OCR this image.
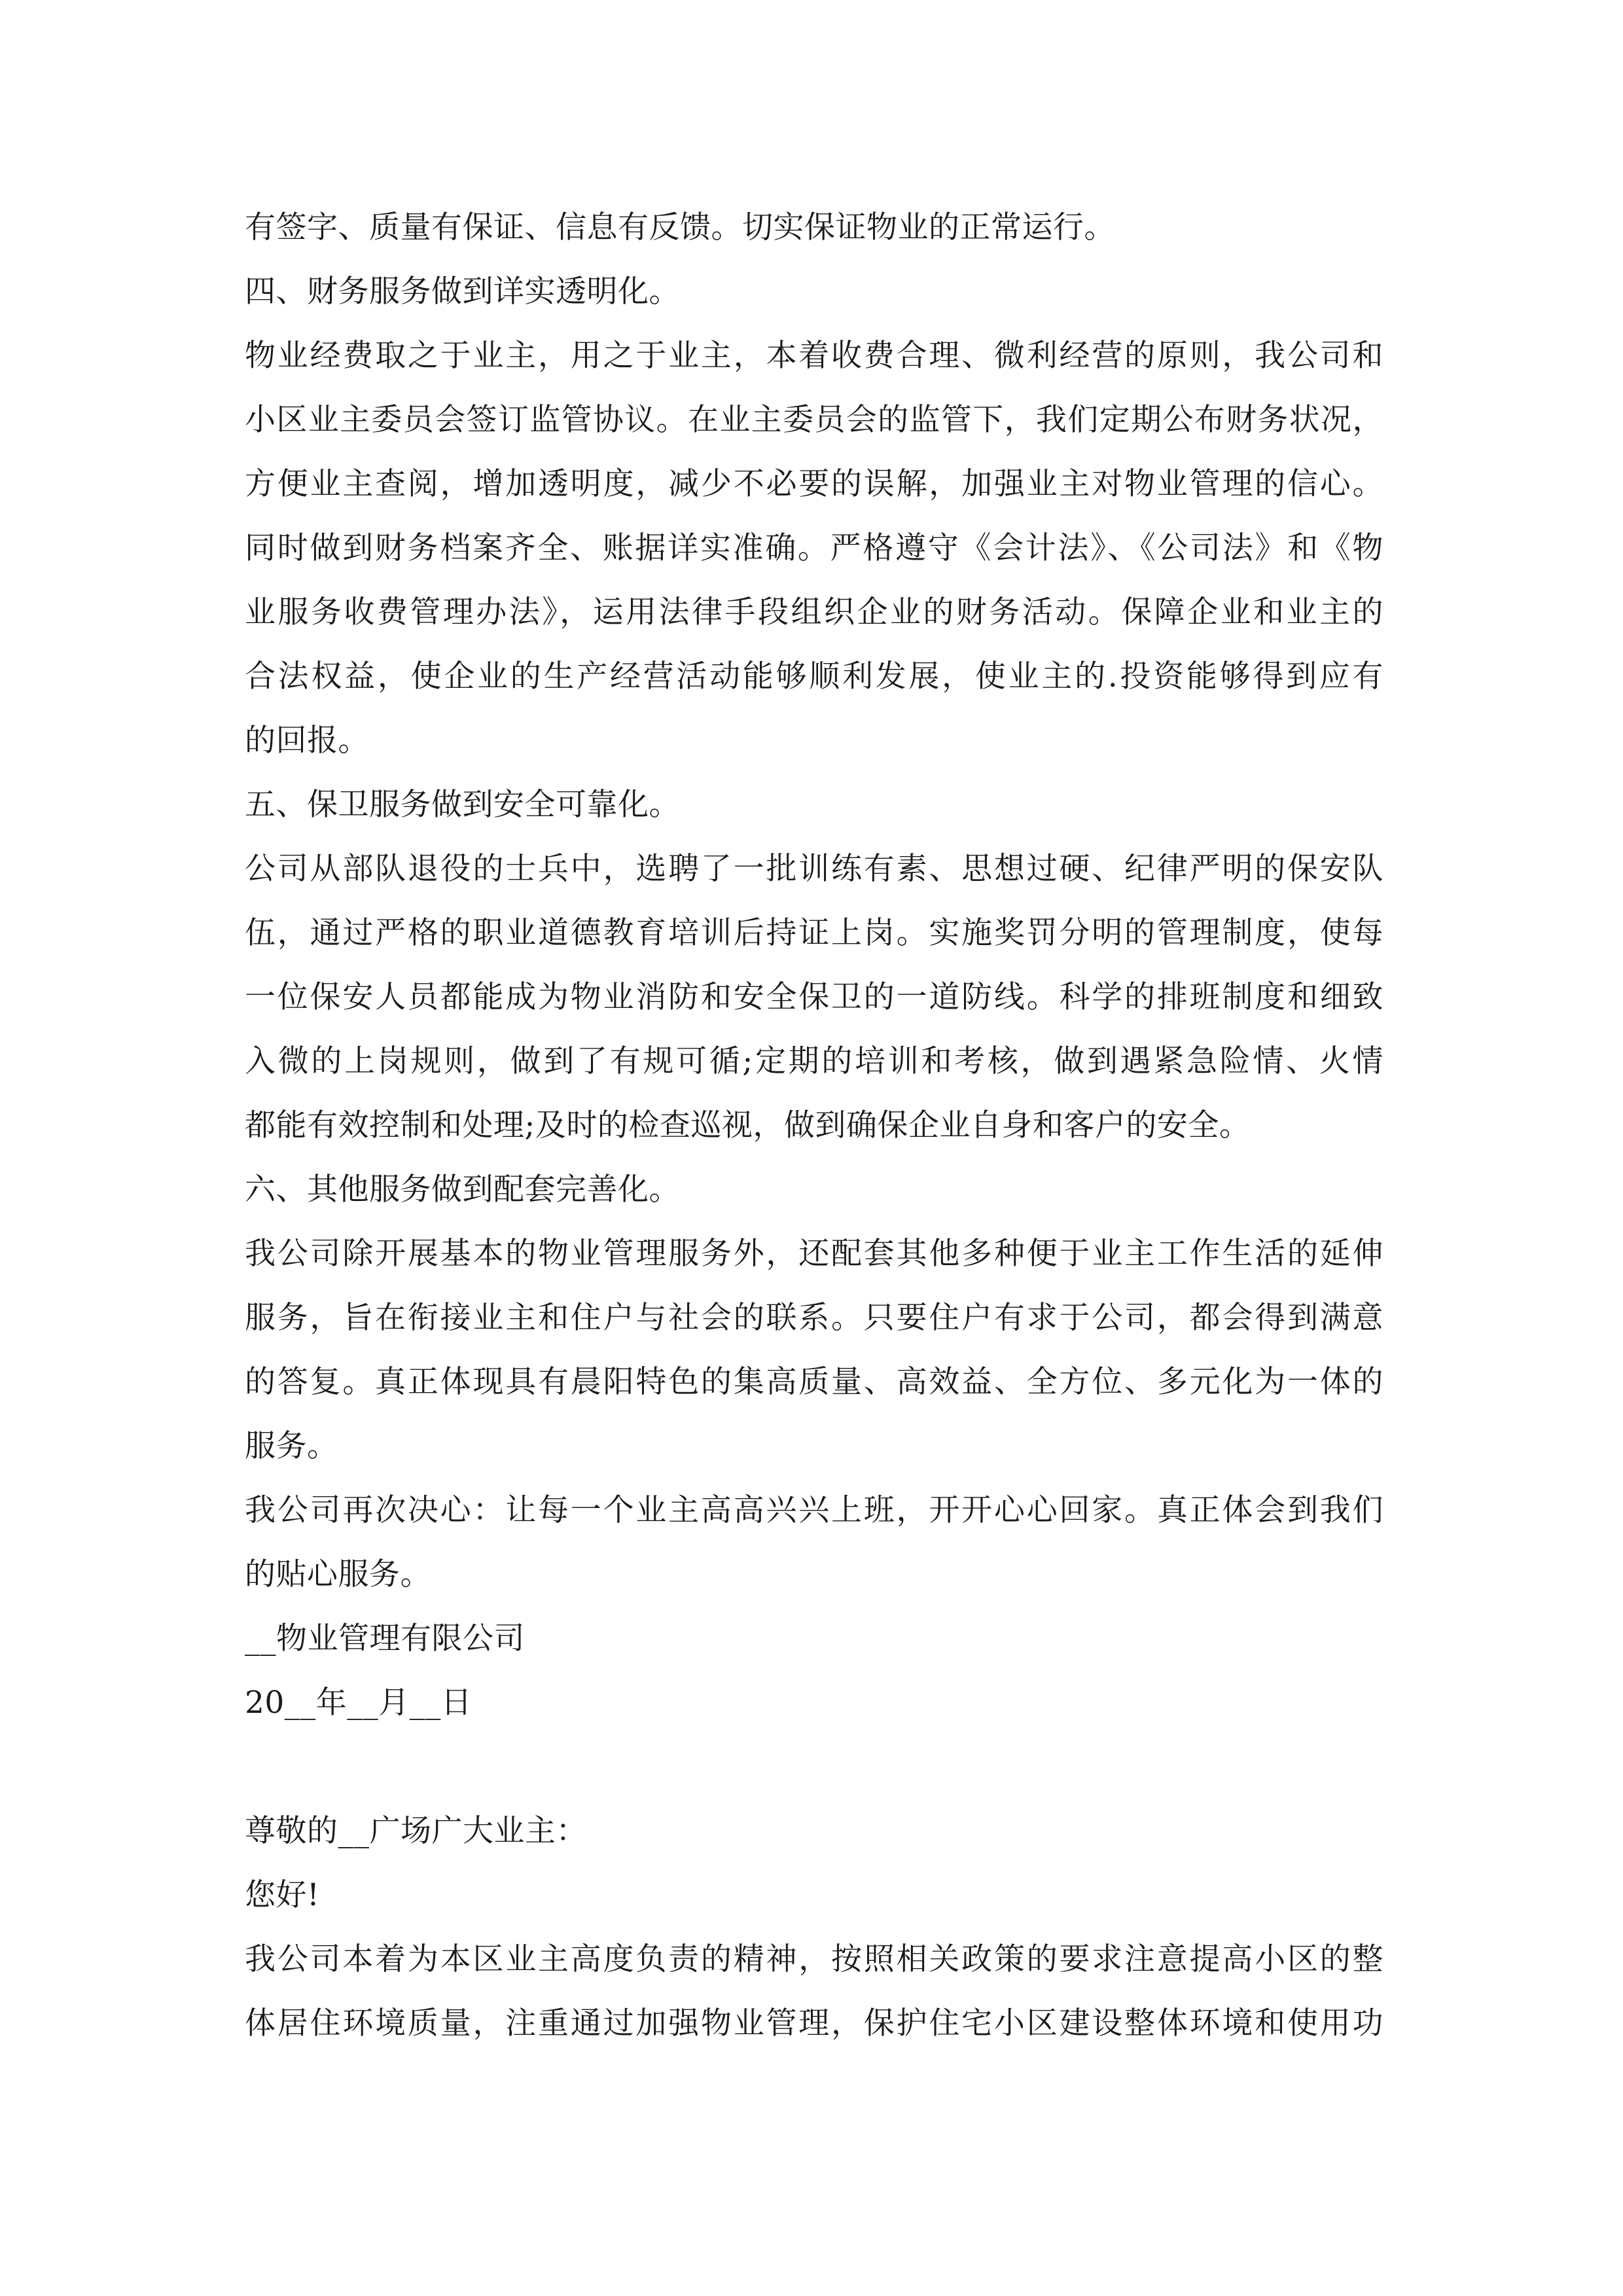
有签字、质量有保证、信息有反馈。切实保证物业的正常运行。
四、财务服务做到详实透明化。
物业经费取之于业主，用之于业主，本着收费合理、微利经营的原则，我公司和
小区业主委员会签订监管协议。在业主委员会的监管下，我们定期公布财务状况，
方便业主查阅，增加透明度，减少不必要的误解，加强业主对物业管理的信心。
同时做到财务档案齐全、账据详实准确。严格遵守《会计法》、《公司法》和《物
业服务收费管理办法》，运用法律手段组织企业的财务活动。保障企业和业主的
合法权益，使企业的生产经营活动能够顺利发展，使业主的.投资能够得到应有
的回报。
五、保卫服务做到安全可靠化。
公司从部队退役的士兵中，选聘了一批训练有素、思想过硬、纪律严明的保安队
伍，通过严格的职业道德教育培训后持证上岗。实施奖罚分明的管理制度，使每
一位保安人员都能成为物业消防和安全保卫的一道防线。科学的排班制度和细致
入微的上岗规则，做到了有规可循;定期的培训和考核，做到遇紧急险情、火情
都能有效控制和处理;及时的检查巡视，做到确保企业自身和客户的安全。
六、其他服务做到配套完善化。
我公司除开展基本的物业管理服务外，还配套其他多种便于业主工作生活的延伸
服务，旨在衔接业主和住户与社会的联系。只要住户有求于公司，都会得到满意
的答复。真正体现具有晨阳特色的集高质量、高效益、全方位、多元化为一体的
服务。
我公司再次决心：让每一个业主高高兴兴上班，开开心心回家。真正体会到我们
的贴心服务。
__物业管理有限公司
20__年__月__日
尊敬的__广场广大业主：
您好!
我公司本着为本区业主高度负责的精神，按照相关政策的要求注意提高小区的整
体居住环境质量，注重通过加强物业管理，保护住宅小区建设整体环境和使用功
